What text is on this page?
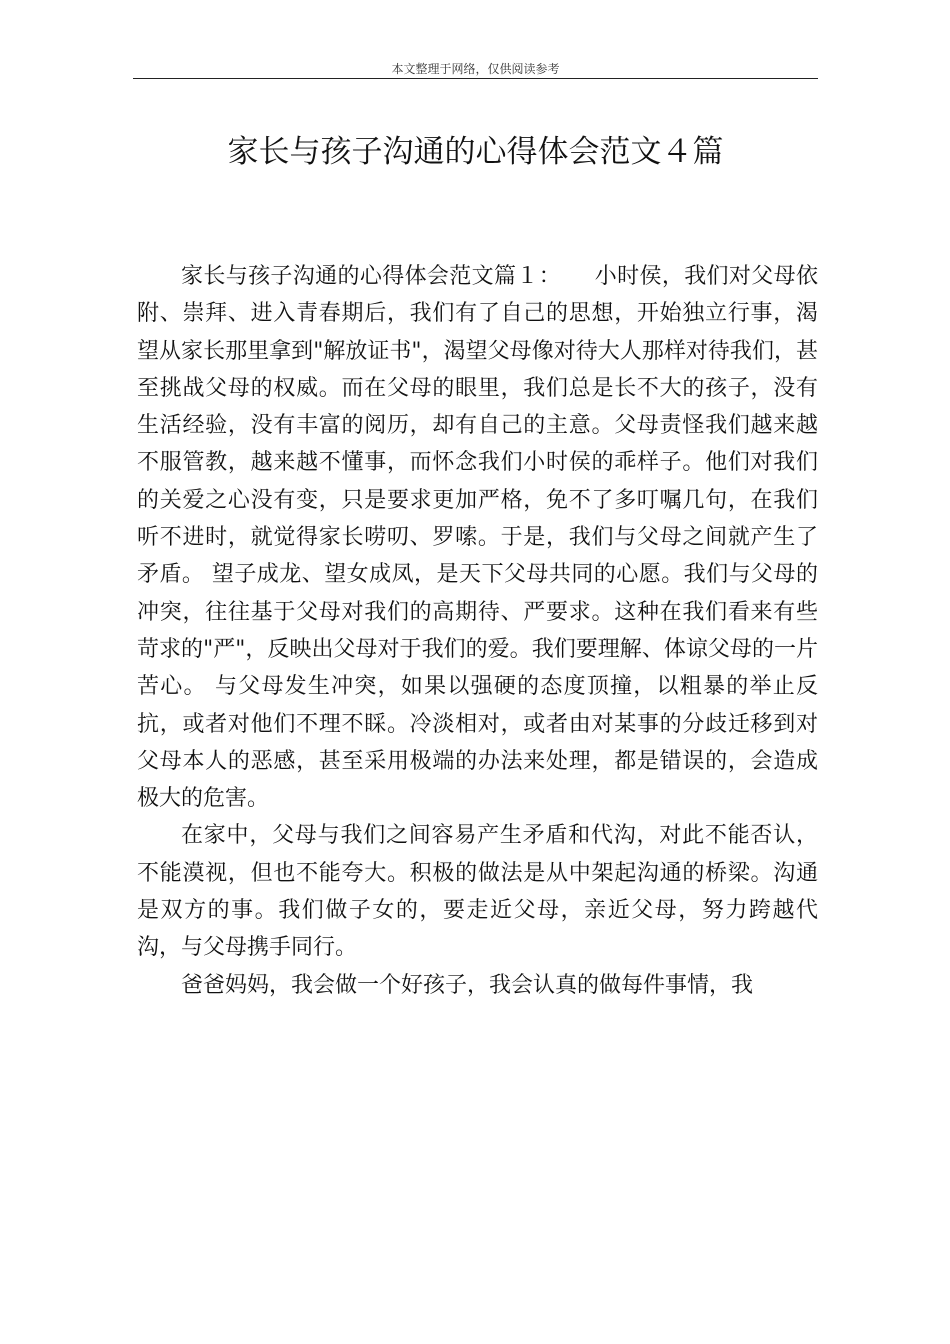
本文整理于网络，仅供阅读参考
家长与孩子沟通的心得体会范文４篇

家长与孩子沟通的心得体会范文篇１：　　小时侯，我们对父母依附、崇拜、进入青春期后，我们有了自己的思想，开始独立行事，渴望从家长那里拿到"解放证书"，渴望父母像对待大人那样对待我们，甚至挑战父母的权威。而在父母的眼里，我们总是长不大的孩子，没有生活经验，没有丰富的阅历，却有自己的主意。父母责怪我们越来越不服管教，越来越不懂事，而怀念我们小时侯的乖样子。他们对我们的关爱之心没有变，只是要求更加严格，免不了多叮嘱几句，在我们听不进时，就觉得家长唠叨、罗嗦。于是，我们与父母之间就产生了矛盾。 望子成龙、望女成凤，是天下父母共同的心愿。我们与父母的冲突，往往基于父母对我们的高期待、严要求。这种在我们看来有些苛求的"严"，反映出父母对于我们的爱。我们要理解、体谅父母的一片苦心。 与父母发生冲突，如果以强硬的态度顶撞，以粗暴的举止反抗，或者对他们不理不睬。冷淡相对，或者由对某事的分歧迁移到对父母本人的恶感，甚至采用极端的办法来处理，都是错误的，会造成极大的危害。

在家中，父母与我们之间容易产生矛盾和代沟，对此不能否认，不能漠视，但也不能夸大。积极的做法是从中架起沟通的桥梁。沟通是双方的事。我们做子女的，要走近父母，亲近父母，努力跨越代沟，与父母携手同行。

爸爸妈妈，我会做一个好孩子，我会认真的做每件事情，我
